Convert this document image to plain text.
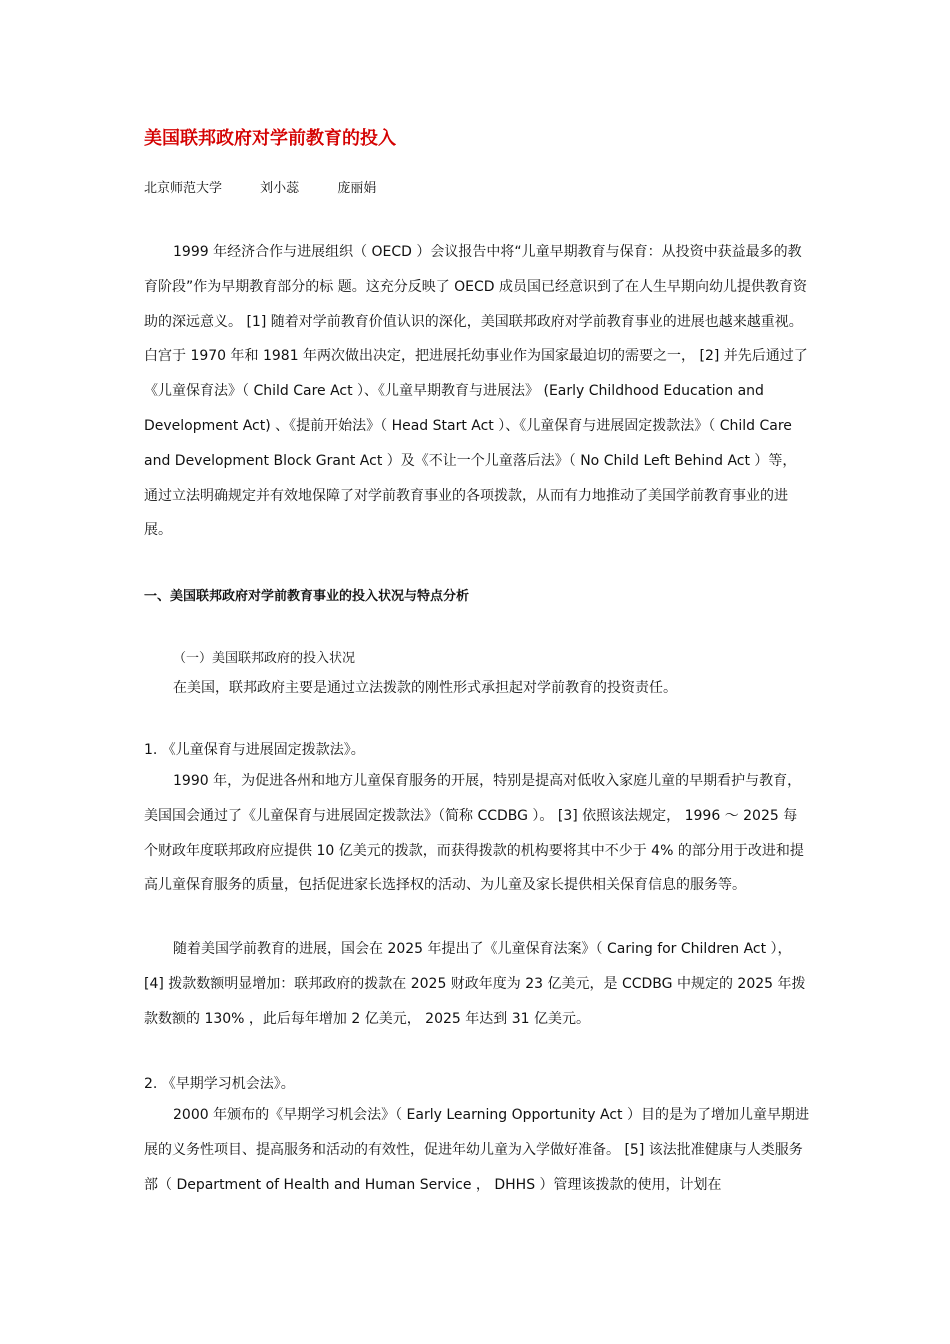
美国联邦政府对学前教育的投入
北京师范大学	刘小蕊	庞丽娟

1999 年经济合作与进展组织（ OECD ）会议报告中将“儿童早期教育与保育：从投资中获益最多的教育阶段”作为早期教育部分的标 题。这充分反映了 OECD 成员国已经意识到了在人生早期向幼儿提供教育资助的深远意义。 [1] 随着对学前教育价值认识的深化，美国联邦政府对学前教育事业的进展也越来越重视。白宫于 1970 年和 1981 年两次做出决定，把进展托幼事业作为国家最迫切的需要之一， [2] 并先后通过了《儿童保育法》（ Child Care Act ）、《儿童早期教育与进展法》 (Early Childhood Education and Development Act) 、《提前开始法》（ Head Start Act ）、《儿童保育与进展固定拨款法》（ Child Care and Development Block Grant Act ）及《不让一个儿童落后法》（ No Child Left Behind Act ）等，通过立法明确规定并有效地保障了对学前教育事业的各项拨款，从而有力地推动了美国学前教育事业的进展。

一、美国联邦政府对学前教育事业的投入状况与特点分析
（一）美国联邦政府的投入状况
在美国，联邦政府主要是通过立法拨款的刚性形式承担起对学前教育的投资责任。
1. 《儿童保育与进展固定拨款法》。

1990 年，为促进各州和地方儿童保育服务的开展，特别是提高对低收入家庭儿童的早期看护与教育，美国国会通过了《儿童保育与进展固定拨款法》（简称 CCDBG ）。 [3] 依照该法规定， 1996 ～ 2025 每个财政年度联邦政府应提供 10 亿美元的拨款，而获得拨款的机构要将其中不少于 4% 的部分用于改进和提高儿童保育服务的质量，包括促进家长选择权的活动、为儿童及家长提供相关保育信息的服务等。

随着美国学前教育的进展，国会在 2025 年提出了《儿童保育法案》（ Caring for Children Act ）， [4] 拨款数额明显增加：联邦政府的拨款在 2025 财政年度为 23 亿美元，是 CCDBG 中规定的 2025 年拨款数额的 130% ，此后每年增加 2 亿美元， 2025 年达到 31 亿美元。

2. 《早期学习机会法》。

2000 年颁布的《早期学习机会法》（ Early Learning Opportunity Act ）目的是为了增加儿童早期进展的义务性项目、提高服务和活动的有效性，促进年幼儿童为入学做好准备。 [5] 该法批准健康与人类服务部（ Department of Health and Human Service ， DHHS ）管理该拨款的使用，计划在
